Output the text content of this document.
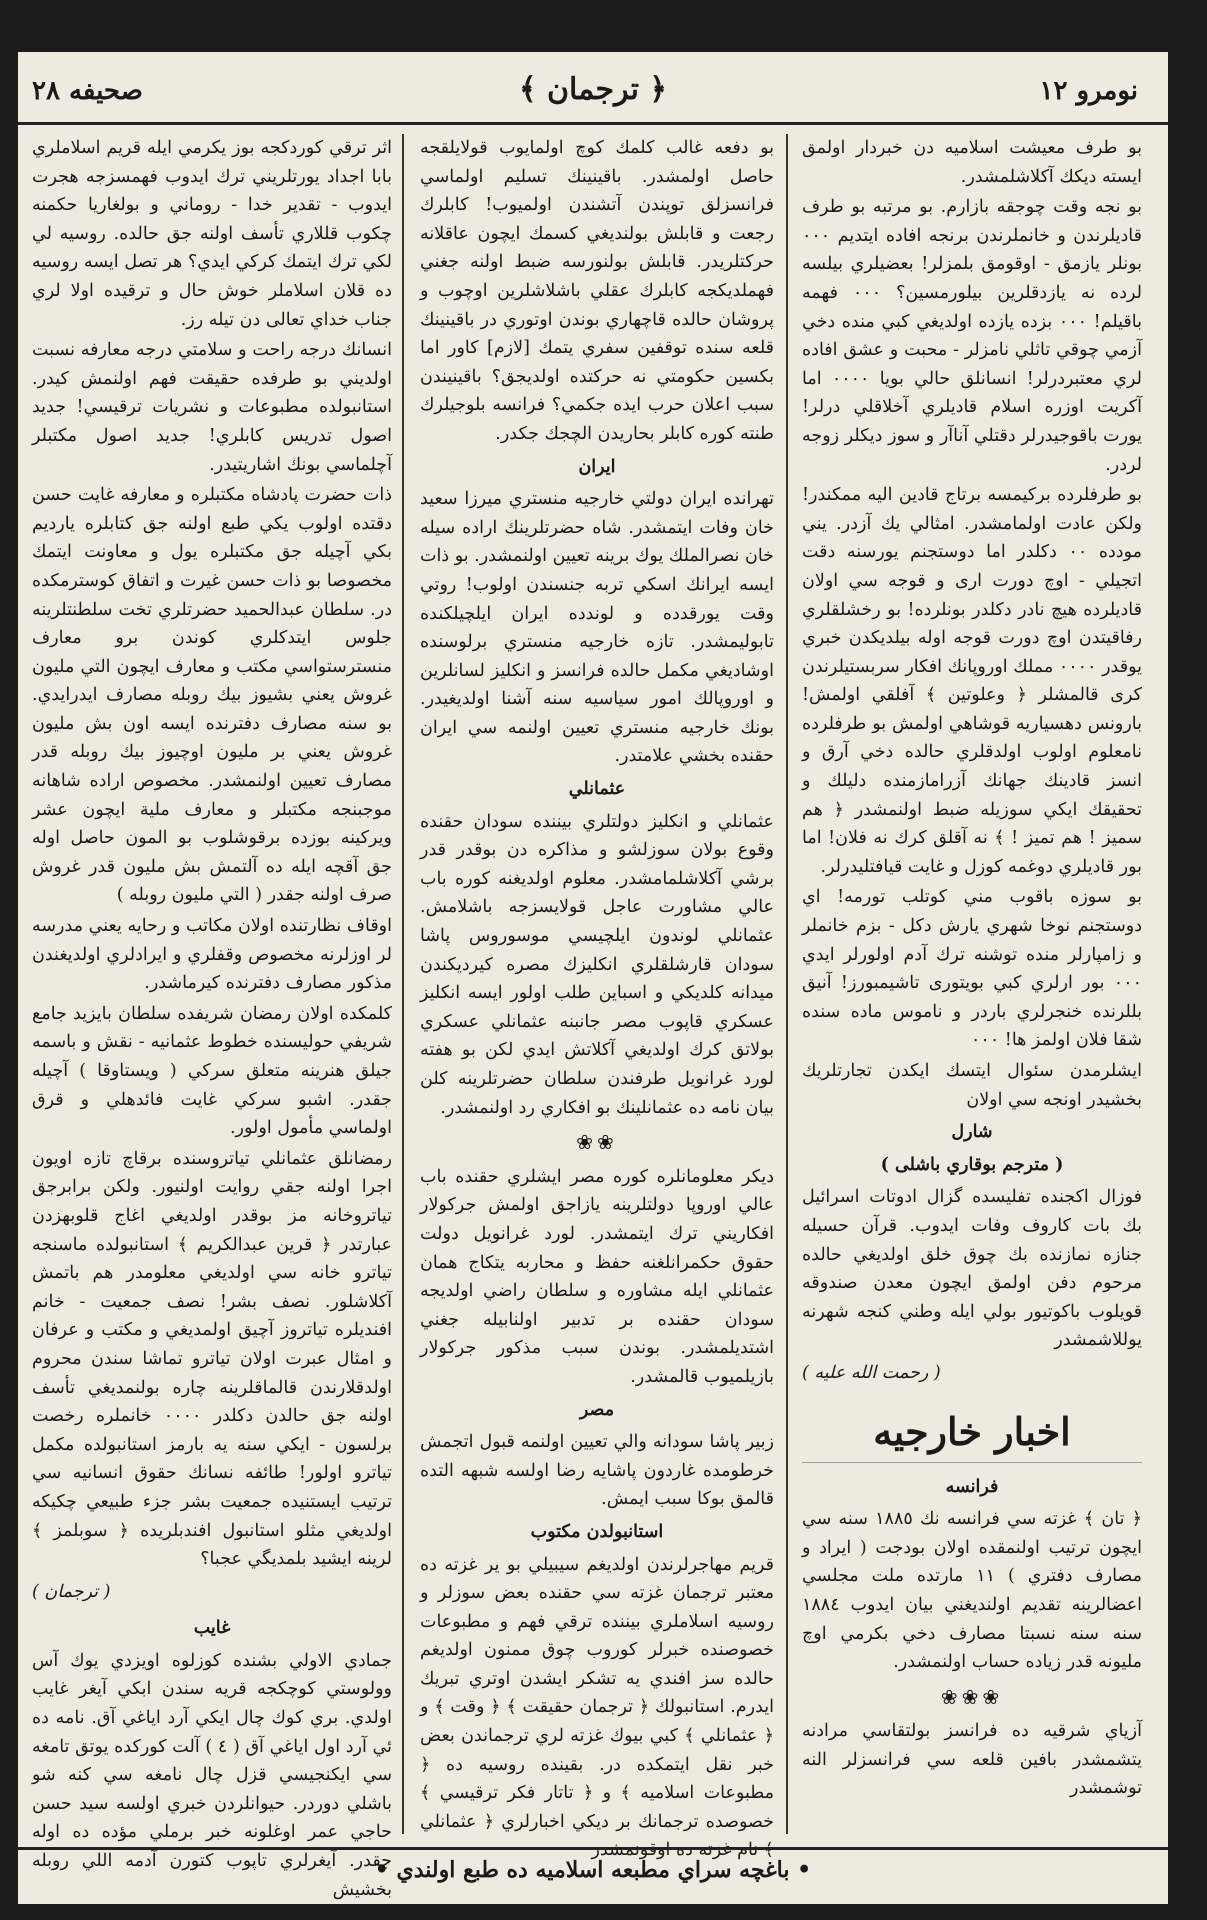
نومرو ١٢
﴿ ترجمان ﴾
صحيفه ٢٨

بو طرف معيشت اسلاميه دن خبردار اولمق ايسته ديكك آكلاشلمشدر.

بو نجه وقت چوجقه بازارم. بو مرتبه بو طرف قاديلرندن و خانملرندن برنجه افاده ايتديم ٠٠٠ بونلر يازمق - اوقومق بلمزلر! بعضيلري بيلسه لرده نه يازدقلرين بيلورمسين؟ ٠٠٠ فهمه باقيلم! ٠٠٠ بزده يازده اولديغي كبي منده دخي آزمي چوقي تاثلي نامزلر - محبت و عشق افاده لري معتبردرلر! انسانلق حالي بويا ٠٠٠٠ اما آكريت اوزره اسلام قاديلري آخلاقلي درلر! يورت باقوجيدرلر دقتلي آناآر و سوز ديكلر زوجه لردر.

بو طرفلرده بركيمسه برتاج قادين اليه ممكندر! ولكن عادت اولمامشدر. امثالي يك آزدر. يني مودده ٠٠ دكلدر اما دوستجنم يورسنه دقت اتجيلي - اوچ دورت ارى و قوجه سي اولان قاديلرده هيچ نادر دكلدر بونلرده! بو رخشلقلري رفاقيتدن اوچ دورت قوجه اوله بيلديكدن خبري يوقدر ٠٠٠٠ مملك اوروپانك افكار سربستيلرندن كرى قالمشلر ﴿ وعلوتين ﴾ آفلقي اولمش! بارونس دهسياريه قوشاهي اولمش بو طرفلرده نامعلوم اولوب اولدقلري حالده دخي آرق و انسز قادينك جهانك آزرامازمنده دليلك و تحقيقك ايكي سوزيله ضبط اولنمشدر ﴿ هم سميز ! هم تميز ! ﴾ نه آقلق كرك نه فلان! اما بور قاديلري دوغمه كوزل و غايت قيافتليدرلر.

بو سوزه باقوب مني كوتلب تورمه! اي دوستجنم نوخا شهري يارش دكل - بزم خانملر و زامپارلر منده توشنه ترك آدم اولورلر ايدي ٠٠٠ بور ارلري كبي بويتورى تاشيمبورز! آنيق بللرنده خنجرلري باردر و ناموس ماده سنده شقا فلان اولمز ها! ٠٠٠

ايشلرمدن سئوال ايتسك ايكدن تجارتلريك بخشيدر اونجه سي اولان

شارل

( مترجم بوقاري باشلى )

فوزال اكجنده تفليسده گزال ادوتات اسرائيل بك بات كاروف وفات ايدوب. قرآن حسيله جنازه نمازنده بك چوق خلق اولديغي حالده مرحوم دفن اولمق ايچون معدن صندوقه قويلوب باكوتيور بولي ايله وطني كنجه شهرنه يوللاشمشدر

( رحمت الله عليه )

اخبار خارجيه

فرانسه

﴿ تان ﴾ غزته سي فرانسه نك ١٨٨٥ سنه سي ايچون ترتيب اولنمقده اولان بودجت ( ايراد و مصارف دفتري ) ١١ مارتده ملت مجلسي اعضالرينه تقديم اولنديغني بيان ايدوب ١٨٨٤ سنه سنه نسبتا مصارف دخي بكرمي اوچ مليونه قدر زياده حساب اولنمشدر.

❀❀❀

آزياي شرقيه ده فرانسز بولتقاسي مرادنه يتشمشدر بافين قلعه سي فرانسزلر النه توشمشدر

بو دفعه غالب كلمك كوچ اولمايوب قولايلقجه حاصل اولمشدر. باقينينك تسليم اولماسي فرانسزلق توپندن آتشندن اولميوب! كابلرك رجعت و قابلش بولنديغي كسمك ايچون عاقلانه حركتلريدر. قابلش بولنورسه ضبط اولنه جغني فهملديكجه كابلرك عقلي باشلاشلرين اوچوب و پروشان حالده قاچهاري بوندن اوتوري در باقينينك قلعه سنده توقفين سفري يتمك [لازم] كاور اما بكسين حكومتي نه حركتده اولديجق؟ باقينيندن سبب اعلان حرب ايده جكمي؟ فرانسه بلوجيلرك طنته كوره كابلر بحاريدن الچجك جكدر.

ايران

تهرانده ايران دولتي خارجيه منستري ميرزا سعيد خان وفات ايتمشدر. شاه حضرتلرينك اراده سيله خان نصرالملك يوك برينه تعيين اولنمشدر. بو ذات ايسه ايرانك اسكي تربه جنسندن اولوب! روتي وقت يورقدده و لوندده ايران ايلچيلكنده تابوليمشدر. تازه خارجيه منستري برلوسنده اوشاديغي مكمل حالده فرانسز و انكليز لسانلرين و اوروپالك امور سياسيه سنه آشنا اولديغيدر. بونك خارجيه منستري تعيين اولنمه سي ايران حقنده بخشي علامتدر.

عثمانلي

عثمانلي و انكليز دولتلري بيننده سودان حقنده وقوع بولان سوزلشو و مذاكره دن بوقدر قدر برشي آكلاشلمامشدر. معلوم اولديغنه كوره باب عالي مشاورت عاجل قولايسزجه باشلامش. عثمانلي لوندون ايلچيسي موسوروس پاشا سودان قارشلقلري انكليزك مصره كيرديكندن ميدانه كلديكي و اسباين طلب اولور ايسه انكليز عسكري قاپوب مصر جانبنه عثمانلي عسكري بولاتق كرك اولديغي آكلاتش ايدي لكن بو هفته لورد غرانويل طرفندن سلطان حضرتلرينه كلن بيان نامه ده عثمانلينك بو افكاري رد اولنمشدر.

❀❀

ديكر معلومانلره كوره مصر ايشلري حقنده باب عالي اوروپا دولتلرينه يازاجق اولمش جركولار افكاريني ترك ايتمشدر. لورد غرانويل دولت حقوق حكمرانلغنه حفظ و محاربه يتكاج همان عثمانلي ايله مشاوره و سلطان راضي اولديجه سودان حقنده بر تدبير اولنابيله جغني اشتديلمشدر. بوندن سبب مذكور جركولار بازيلميوب قالمشدر.

مصر

زبير پاشا سودانه والي تعيين اولنمه قبول اتجمش خرطومده غاردون پاشايه رضا اولسه شبهه التده قالمق بوكا سبب ايمش.

استانبولدن مكتوب

قريم مهاجرلرندن اولديغم سيبيلي بو ير غزته ده معتبر ترجمان غزته سي حقنده بعض سوزلر و روسيه اسلاملري بيننده ترقي فهم و مطبوعات خصوصنده خبرلر كوروب چوق ممنون اولديغم حالده سز افندي يه تشكر ايشدن اوتري تبريك ايدرم. استانبولك ﴿ ترجمان حقيقت ﴾ ﴿ وقت ﴾ و ﴿ عثمانلي ﴾ كبي بيوك غزته لري ترجماندن بعض خبر نقل ايتمكده در. بقينده روسيه ده ﴿ مطبوعات اسلاميه ﴾ و ﴿ تاتار فكر ترقيسي ﴾ خصوصده ترجمانك بر ديكي اخبارلري ﴿ عثمانلي ﴾ نام غزته ده اوقونمشدر

اثر ترقي كوردكجه بوز يكرمي ايله قريم اسلاملري بابا اجداد يورتلريني ترك ايدوب فهمسزجه هجرت ايدوب - تقدير خدا - روماني و بولغاريا حكمنه چكوب قللاري تأسف اولنه جق حالده. روسيه لي لكي ترك ايتمك كركي ايدي؟ هر تصل ايسه روسيه ده قلان اسلاملر خوش حال و ترقيده اولا لري جناب خداي تعالى دن تيله رز.

انسانك درجه راحت و سلامتي درجه معارفه نسبت اولديني بو طرفده حقيقت فهم اولنمش كيدر. استانبولده مطبوعات و نشريات ترقيسي! جديد اصول تدريس كابلري! جديد اصول مكتبلر آچلماسي بونك اشاريتيدر.

ذات حضرت پادشاه مكتبلره و معارفه غايت حسن دقتده اولوب يكي طبع اولنه جق كتابلره يارديم بكي آچيله جق مكتبلره يول و معاونت ايتمك مخصوصا بو ذات حسن غيرت و اتفاق كوسترمكده در. سلطان عبدالحميد حضرتلري تخت سلطنتلرينه جلوس ايتدكلري كوندن برو معارف منسترستواسي مكتب و معارف ايچون التي مليون غروش يعني بشيوز بيك روبله مصارف ايدرايدي. بو سنه مصارف دفترنده ايسه اون بش مليون غروش يعني بر مليون اوچيوز بيك روبله قدر مصارف تعيين اولنمشدر. مخصوص اراده شاهانه موجبنجه مكتبلر و معارف ملية ايچون عشر ويركينه بوزده برقوشلوب بو المون حاصل اوله جق آقچه ايله ده آلتمش بش مليون قدر غروش صرف اولنه جقدر ( التي مليون روبله )

اوقاف نظارتنده اولان مكاتب و رحايه يعني مدرسه لر اوزلرنه مخصوص وقفلري و ايرادلري اولديغندن مذكور مصارف دفترنده كيرماشدر.

كلمكده اولان رمضان شريفده سلطان بايزيد جامع شريفي حوليسنده خطوط عثمانيه - نقش و باسمه جيلق هنرينه متعلق سركي ( ويستاوقا ) آچيله جقدر. اشبو سركي غايت فائدهلي و قرق اولماسي مأمول اولور.

رمضانلق عثمانلي تياتروسنده برقاچ تازه اويون اجرا اولنه جقي روايت اولنيور. ولكن برابرجق تياتروخانه مز بوقدر اولديغي اغاج قلوبهزدن عبارتدر ﴿ قرين عبدالكريم ﴾ استانبولده ماسنجه تياترو خانه سي اولديغي معلومدر هم باتمش آكلاشلور. نصف بشر! نصف جمعيت - خانم افنديلره تياتروز آچيق اولمديغي و مكتب و عرفان و امثال عبرت اولان تياترو تماشا سندن محروم اولدقلارندن قالماقلرينه چاره بولنمديغي تأسف اولنه جق حالدن دكلدر ٠٠٠٠ خانملره رخصت برلسون - ايكي سنه يه بارمز استانبولده مكمل تياترو اولور! طائفه نسانك حقوق انسانيه سي ترتيب ايستنيده جمعيت بشر جزء طبيعي چكيكه اولديغي مثلو استانبول افندبلريده ﴿ سوبلمز ﴾ لرينه ايشيد بلمديگي عجبا؟

( ترجمان )

غايب

جمادي الاولي بشنده كوزلوه اويزدي يوك آس وولوستي كوچكجه قريه سندن ابكي آيغر غايب اولدي. بري كوك چال ايكي آرد اياغي آق. نامه ده ئي آرد اول اياغي آق ( ٤ ) آلت كوركده يوتق تامغه سي ايكنجيسي قزل چال نامغه سي كنه شو باشلي دوردر. حيوانلردن خبري اولسه سيد حسن حاجي عمر اوغلونه خبر برملي مؤده ده اوله جقدر. آيغرلري تاپوب كتورن آدمه اللي روبله بخشيش

• باغچه سراي مطبعه اسلاميه ده طبع اولندي •
